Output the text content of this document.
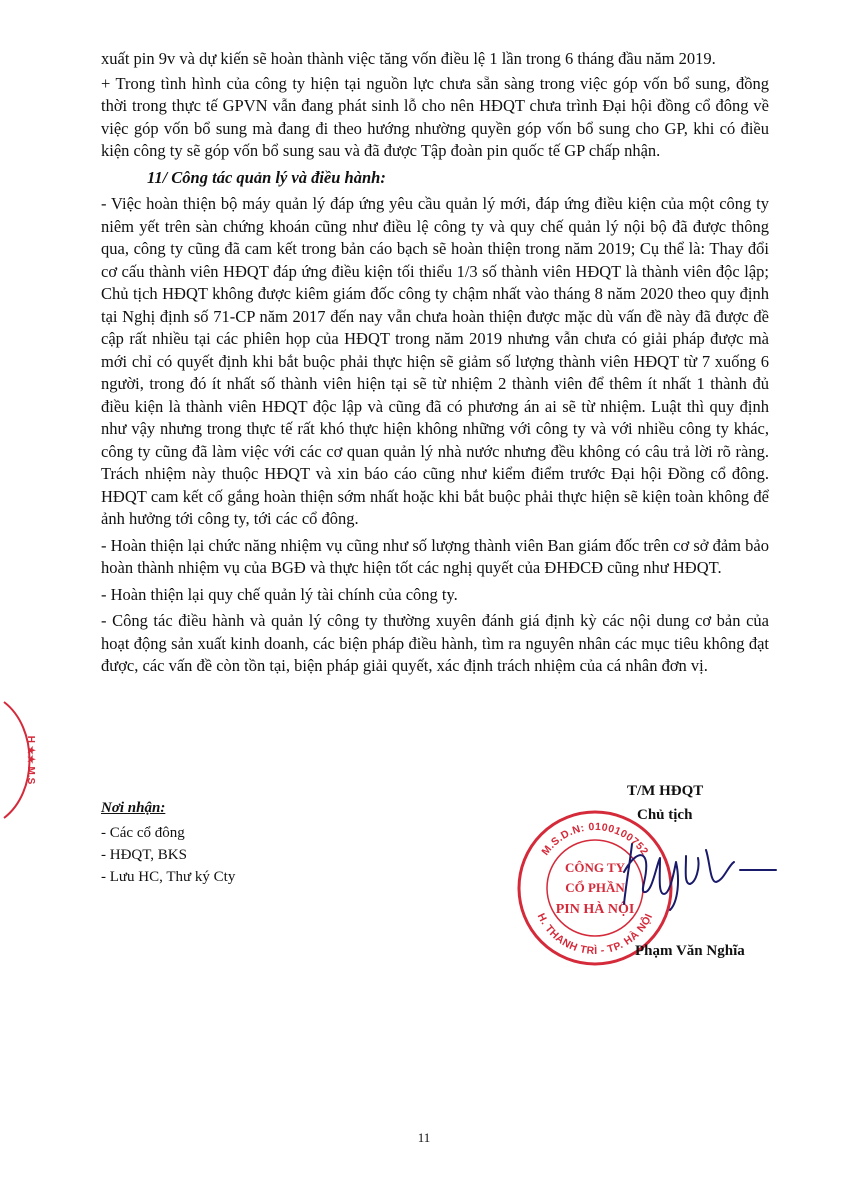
xuất pin 9v và dự kiến sẽ hoàn thành việc tăng vốn điều lệ 1 lần trong 6 tháng đầu năm 2019.

+ Trong tình hình của công ty hiện tại nguồn lực chưa sẵn sàng trong việc góp vốn bổ sung, đồng thời trong thực tế GPVN vẫn đang phát sinh lỗ cho nên HĐQT chưa trình Đại hội đồng cổ đông về việc góp vốn bổ sung mà đang đi theo hướng nhường quyền góp vốn bổ sung cho GP, khi có điều kiện công ty sẽ góp vốn bổ sung sau và đã được Tập đoàn pin quốc tế GP chấp nhận.

11/ Công tác quản lý và điều hành:

- Việc hoàn thiện bộ máy quản lý đáp ứng yêu cầu quản lý mới, đáp ứng điều kiện của một công ty niêm yết trên sàn chứng khoán cũng như điều lệ công ty và quy chế quản lý nội bộ đã được thông qua, công ty cũng đã cam kết trong bản cáo bạch sẽ hoàn thiện trong năm 2019; Cụ thể là: Thay đổi cơ cấu thành viên HĐQT đáp ứng điều kiện tối thiểu 1/3 số thành viên HĐQT là thành viên độc lập; Chủ tịch HĐQT không được kiêm giám đốc công ty chậm nhất vào tháng 8 năm 2020 theo quy định tại Nghị định số 71-CP năm 2017 đến nay vẫn chưa hoàn thiện được mặc dù vấn đề này đã được đề cập rất nhiều tại các phiên họp của HĐQT trong năm 2019 nhưng vẫn chưa có giải pháp được mà mới chỉ có quyết định khi bắt buộc phải thực hiện sẽ giảm số lượng thành viên HĐQT từ 7 xuống 6 người, trong đó ít nhất số thành viên hiện tại sẽ từ nhiệm 2 thành viên để thêm ít nhất 1 thành đủ điều kiện là thành viên HĐQT độc lập và cũng đã có phương án ai sẽ từ nhiệm. Luật thì quy định như vậy nhưng trong thực tế rất khó thực hiện không những với công ty và với nhiều công ty khác, công ty cũng đã làm việc với các cơ quan quản lý nhà nước nhưng đều không có câu trả lời rõ ràng. Trách nhiệm này thuộc HĐQT và xin báo cáo cũng như kiểm điểm trước Đại hội Đồng cổ đông. HĐQT cam kết cố gắng hoàn thiện sớm nhất hoặc khi bắt buộc phải thực hiện sẽ kiện toàn không để ảnh hưởng tới công ty, tới các cổ đông.

- Hoàn thiện lại chức năng nhiệm vụ cũng như số lượng thành viên Ban giám đốc trên cơ sở đảm bảo hoàn thành nhiệm vụ của BGĐ và thực hiện tốt các nghị quyết của ĐHĐCĐ cũng như HĐQT.

- Hoàn thiện lại quy chế quản lý tài chính của công ty.

- Công tác điều hành và quản lý công ty thường xuyên đánh giá định kỳ các nội dung cơ bản của hoạt động sản xuất kinh doanh, các biện pháp điều hành, tìm ra nguyên nhân các mục tiêu không đạt được, các vấn đề còn tồn tại, biện pháp giải quyết, xác định trách nhiệm của cá nhân đơn vị.

Nơi nhận:
- Các cổ đông
- HĐQT, BKS
- Lưu HC, Thư ký Cty
M.S.D.N: 0100100752
H. THANH TRÌ - TP. HÀ NỘI
CÔNG TY
CỔ PHẦN
PIN HÀ NỘI
T/M HĐQT
Chủ tịch
Phạm Văn Nghĩa
H ★★ M.S
11
